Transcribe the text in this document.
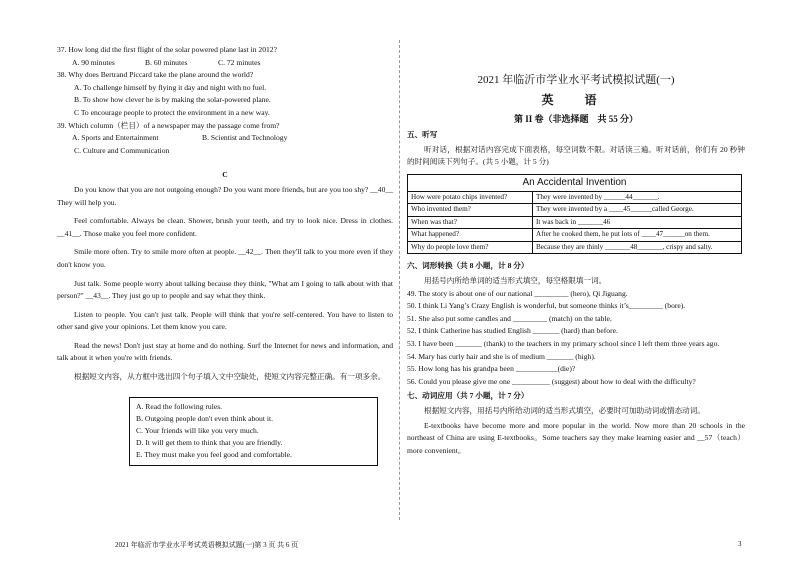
37. How long did the first flight of the solar powered plane last in 2012?

A. 90 minutes	B. 60 minutes	C. 72 minutes

38. Why does Bertrand Piccard take the plane around the world?

A. To challenge himself by flying it day and night with no fuel.

B. To show how clever he is by making the solar-powered plane.

C To encourage people to protect the environment in a new way.

39. Which column（栏目）of a newspaper may the passage come from?

A. Sports and Entertainment	B. Scientist and Technology

C. Culture and Communication

C

Do you know that you are not outgoing enough? Do you want more friends, but are you too shy? __40__ They will help you.

Feel comfortable. Always be clean. Shower, brush your teeth, and try to look nice. Dress in clothes. __41__. Those make you feel more confident.

Smile more often. Try to smile more often at people. __42__. Then they'll talk to you more even if they don't know you.

Just talk. Some people worry about talking because they think, "What am I going to talk about with that person?" __43__. They just go up to people and say what they think.

Listen to people. You can't just talk. People will think that you're self-centered. You have to listen to other sand give your opinions. Let them know you care.

Read the news! Don't just stay at home and do nothing. Surf the Internet for news and information, and talk about it when you're with friends.

根据短文内容，从方框中选出四个句子填入文中空缺处，使短文内容完整正确。有一项多余。

A. Read the following rules.

B. Outgoing people don't even think about it.

C. Your friends will like you very much.

D. It will get them to think that you are friendly.

E. They must make you feel good and comfortable.

2021 年临沂市学业水平考试模拟试题(一)
英 语
第 II 卷（非选择题　共 55 分）

五、听写

听对话，根据对话内容完成下面表格，每空词数不限。对话读三遍。听对话前，你们有 20 秒钟的时间阅读下列句子。(共 5 小题，计 5 分)

An Accidental Invention	
How were potato chips invented?	They were invented by ______44_______.
Who invented them?	They were invented by a ____45______called George.
When was that?	It was back in _______46
What happened?	After he cooked them, he put lots of ____47______on them.
Why do people love them?	Because they are thinly _______48_______, crispy and salty.

六、词形转换（共 8 小题，计 8 分）

用括号内所给单词的适当形式填空，每空格限填一词。

49. The story is about one of our national _________ (hero), Qi Jiguang.

50. I think Li Yang’s Crazy English is wonderful, but someone thinks it’s_________ (bore).

51. She also put some candles and _________ (match) on the table.

52. I think Catherine has studied English _______ (hard) than before.

53. I have been _______ (thank) to the teachers in my primary school since I left them three years ago.

54. Mary has curly hair and she is of medium _______ (high).

55. How long has his grandpa been ___________(die)?

56. Could you please give me one __________ (suggest) about how to deal with the difficulty?

七、动词应用（共 7 小题，计 7 分）

根据短文内容，用括号内所给动词的适当形式填空，必要时可加助动词或情态动词。

E-textbooks have become more and more popular in the world. Now more than 20 schools in the northeast of China are using E-textbooks。Some teachers say they make learning easier and __57（teach）more convenient。

2021 年临沂市学业水平考试英语模拟试题(一)第 3 页 共 6 页	3
